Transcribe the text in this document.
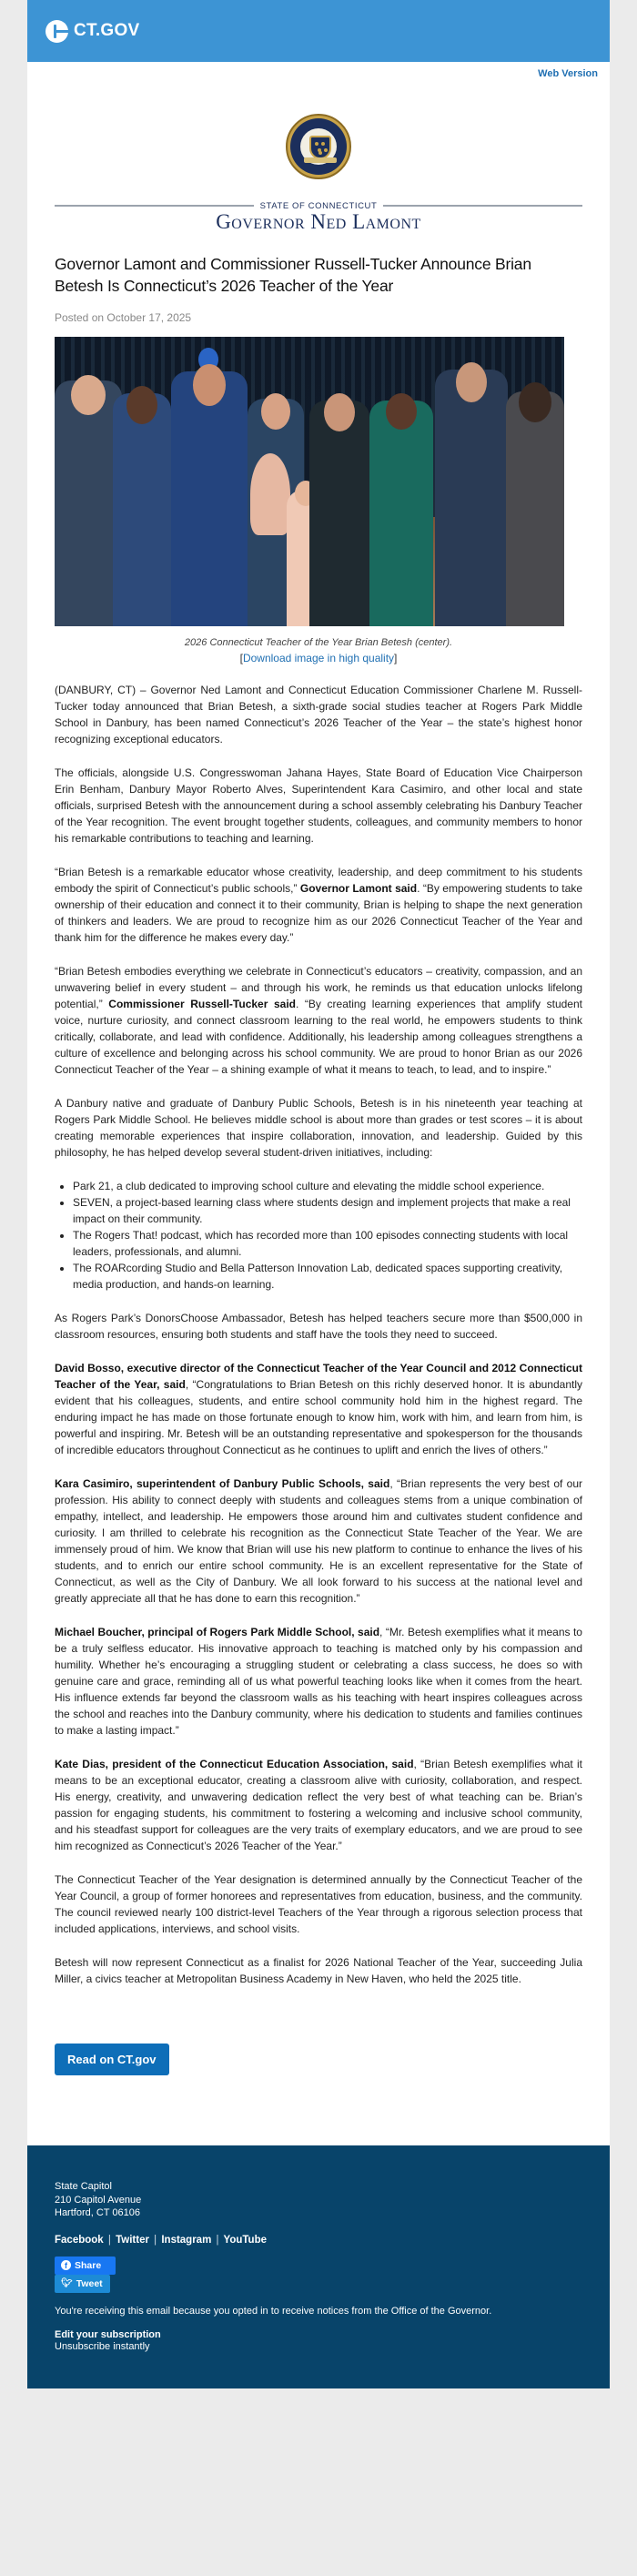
CT.GOV
Web Version
STATE OF CONNECTICUT
Governor Ned Lamont
Governor Lamont and Commissioner Russell-Tucker Announce Brian Betesh Is Connecticut’s 2026 Teacher of the Year
Posted on October 17, 2025
2026 Connecticut Teacher of the Year Brian Betesh (center).
[Download image in high quality]

(DANBURY, CT) – Governor Ned Lamont and Connecticut Education Commissioner Charlene M. Russell-Tucker today announced that Brian Betesh, a sixth-grade social studies teacher at Rogers Park Middle School in Danbury, has been named Connecticut’s 2026 Teacher of the Year – the state’s highest honor recognizing exceptional educators.

The officials, alongside U.S. Congresswoman Jahana Hayes, State Board of Education Vice Chairperson Erin Benham, Danbury Mayor Roberto Alves, Superintendent Kara Casimiro, and other local and state officials, surprised Betesh with the announcement during a school assembly celebrating his Danbury Teacher of the Year recognition. The event brought together students, colleagues, and community members to honor his remarkable contributions to teaching and learning.

“Brian Betesh is a remarkable educator whose creativity, leadership, and deep commitment to his students embody the spirit of Connecticut’s public schools,” Governor Lamont said. “By empowering students to take ownership of their education and connect it to their community, Brian is helping to shape the next generation of thinkers and leaders. We are proud to recognize him as our 2026 Connecticut Teacher of the Year and thank him for the difference he makes every day.”

“Brian Betesh embodies everything we celebrate in Connecticut’s educators – creativity, compassion, and an unwavering belief in every student – and through his work, he reminds us that education unlocks lifelong potential,” Commissioner Russell-Tucker said. “By creating learning experiences that amplify student voice, nurture curiosity, and connect classroom learning to the real world, he empowers students to think critically, collaborate, and lead with confidence. Additionally, his leadership among colleagues strengthens a culture of excellence and belonging across his school community. We are proud to honor Brian as our 2026 Connecticut Teacher of the Year – a shining example of what it means to teach, to lead, and to inspire.”

A Danbury native and graduate of Danbury Public Schools, Betesh is in his nineteenth year teaching at Rogers Park Middle School. He believes middle school is about more than grades or test scores – it is about creating memorable experiences that inspire collaboration, innovation, and leadership. Guided by this philosophy, he has helped develop several student-driven initiatives, including:

• Park 21, a club dedicated to improving school culture and elevating the middle school experience.
• SEVEN, a project-based learning class where students design and implement projects that make a real impact on their community.
• The Rogers That! podcast, which has recorded more than 100 episodes connecting students with local leaders, professionals, and alumni.
• The ROARcording Studio and Bella Patterson Innovation Lab, dedicated spaces supporting creativity, media production, and hands-on learning.

As Rogers Park’s DonorsChoose Ambassador, Betesh has helped teachers secure more than $500,000 in classroom resources, ensuring both students and staff have the tools they need to succeed.

David Bosso, executive director of the Connecticut Teacher of the Year Council and 2012 Connecticut Teacher of the Year, said, “Congratulations to Brian Betesh on this richly deserved honor. It is abundantly evident that his colleagues, students, and entire school community hold him in the highest regard. The enduring impact he has made on those fortunate enough to know him, work with him, and learn from him, is powerful and inspiring. Mr. Betesh will be an outstanding representative and spokesperson for the thousands of incredible educators throughout Connecticut as he continues to uplift and enrich the lives of others.”

Kara Casimiro, superintendent of Danbury Public Schools, said, “Brian represents the very best of our profession. His ability to connect deeply with students and colleagues stems from a unique combination of empathy, intellect, and leadership. He empowers those around him and cultivates student confidence and curiosity. I am thrilled to celebrate his recognition as the Connecticut State Teacher of the Year. We are immensely proud of him. We know that Brian will use his new platform to continue to enhance the lives of his students, and to enrich our entire school community. He is an excellent representative for the State of Connecticut, as well as the City of Danbury. We all look forward to his success at the national level and greatly appreciate all that he has done to earn this recognition.”

Michael Boucher, principal of Rogers Park Middle School, said, “Mr. Betesh exemplifies what it means to be a truly selfless educator. His innovative approach to teaching is matched only by his compassion and humility. Whether he’s encouraging a struggling student or celebrating a class success, he does so with genuine care and grace, reminding all of us what powerful teaching looks like when it comes from the heart. His influence extends far beyond the classroom walls as his teaching with heart inspires colleagues across the school and reaches into the Danbury community, where his dedication to students and families continues to make a lasting impact.”

Kate Dias, president of the Connecticut Education Association, said, “Brian Betesh exemplifies what it means to be an exceptional educator, creating a classroom alive with curiosity, collaboration, and respect. His energy, creativity, and unwavering dedication reflect the very best of what teaching can be. Brian’s passion for engaging students, his commitment to fostering a welcoming and inclusive school community, and his steadfast support for colleagues are the very traits of exemplary educators, and we are proud to see him recognized as Connecticut’s 2026 Teacher of the Year.”

The Connecticut Teacher of the Year designation is determined annually by the Connecticut Teacher of the Year Council, a group of former honorees and representatives from education, business, and the community. The council reviewed nearly 100 district-level Teachers of the Year through a rigorous selection process that included applications, interviews, and school visits.

Betesh will now represent Connecticut as a finalist for 2026 National Teacher of the Year, succeeding Julia Miller, a civics teacher at Metropolitan Business Academy in New Haven, who held the 2025 title.

Read on CT.gov
State Capitol
210 Capitol Avenue
Hartford, CT 06106
Facebook | Twitter | Instagram | YouTube
f Share
🐦︎ Tweet
You're receiving this email because you opted in to receive notices from the Office of the Governor.
Edit your subscription
Unsubscribe instantly
